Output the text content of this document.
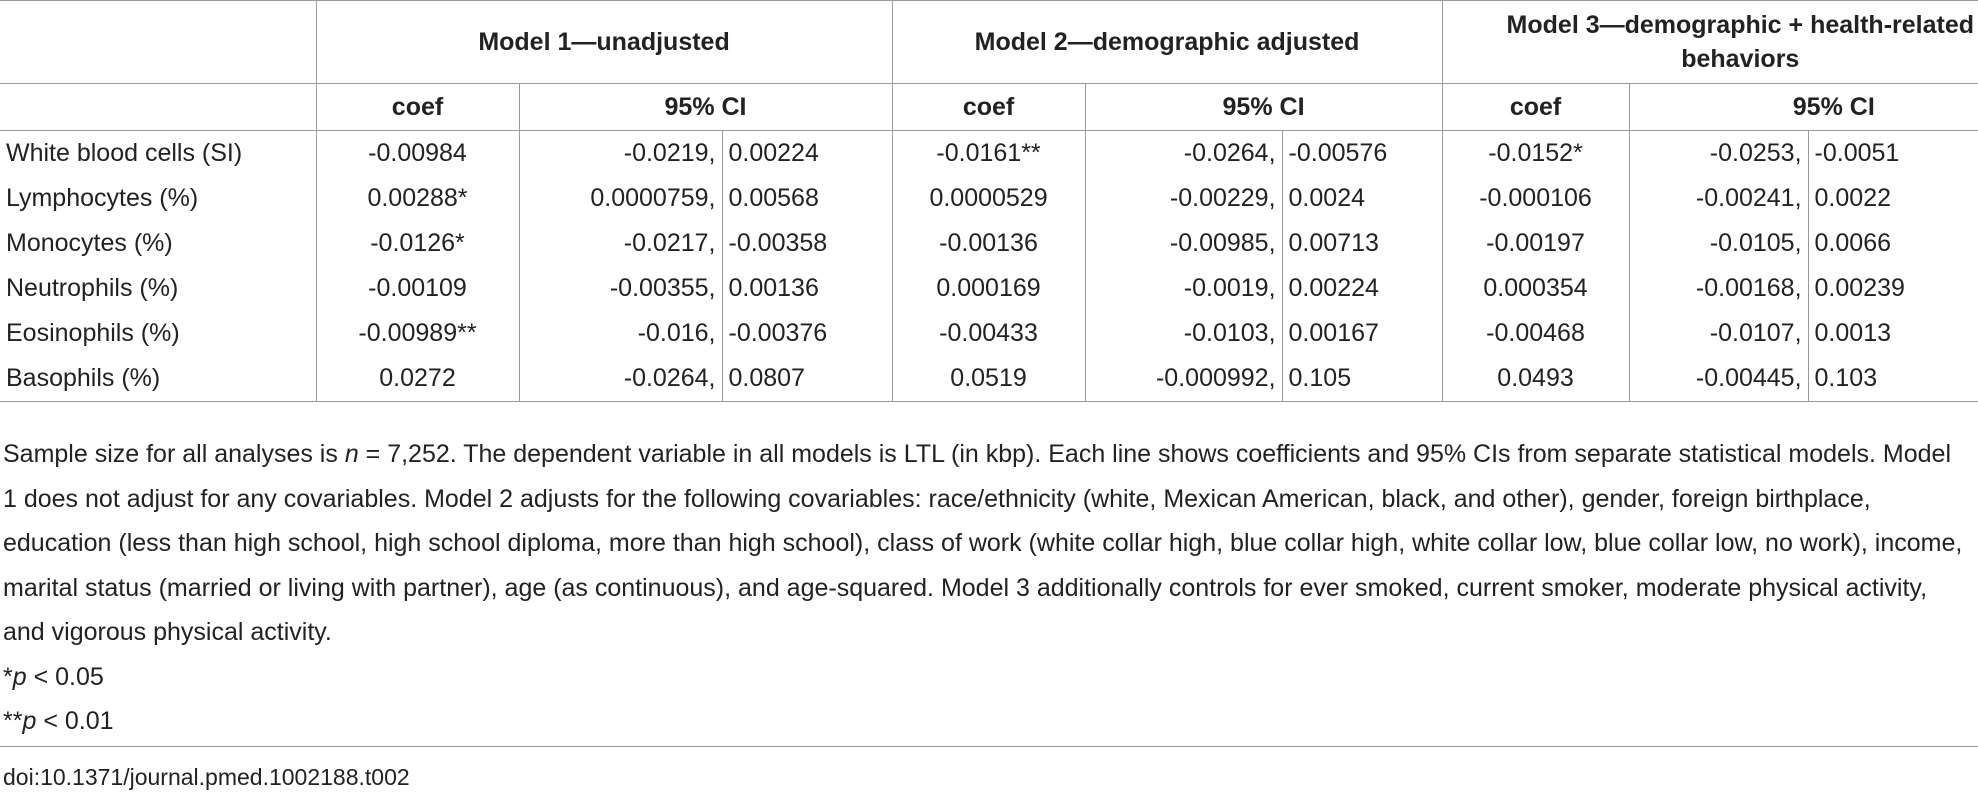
	Model 1—unadjusted			Model 2—demographic adjusted			Model 3—demographic + health-related behaviors		
	coef	95% CI		coef	95% CI		coef	95% CI	
White blood cells (SI)	-0.00984	-0.0219,	0.00224	-0.0161**	-0.0264,	-0.00576	-0.0152*	-0.0253,	-0.0051
Lymphocytes (%)	0.00288*	0.0000759,	0.00568	0.0000529	-0.00229,	0.0024	-0.000106	-0.00241,	0.0022
Monocytes (%)	-0.0126*	-0.0217,	-0.00358	-0.00136	-0.00985,	0.00713	-0.00197	-0.0105,	0.0066
Neutrophils (%)	-0.00109	-0.00355,	0.00136	0.000169	-0.0019,	0.00224	0.000354	-0.00168,	0.00239
Eosinophils (%)	-0.00989**	-0.016,	-0.00376	-0.00433	-0.0103,	0.00167	-0.00468	-0.0107,	0.0013
Basophils (%)	0.0272	-0.0264,	0.0807	0.0519	-0.000992,	0.105	0.0493	-0.00445,	0.103

Sample size for all analyses is n = 7,252. The dependent variable in all models is LTL (in kbp). Each line shows coefficients and 95% CIs from separate statistical models. Model 1 does not adjust for any covariables. Model 2 adjusts for the following covariables: race/ethnicity (white, Mexican American, black, and other), gender, foreign birthplace, education (less than high school, high school diploma, more than high school), class of work (white collar high, blue collar high, white collar low, blue collar low, no work), income, marital status (married or living with partner), age (as continuous), and age-squared. Model 3 additionally controls for ever smoked, current smoker, moderate physical activity, and vigorous physical activity.

*p < 0.05

**p < 0.01

doi:10.1371/journal.pmed.1002188.t002
